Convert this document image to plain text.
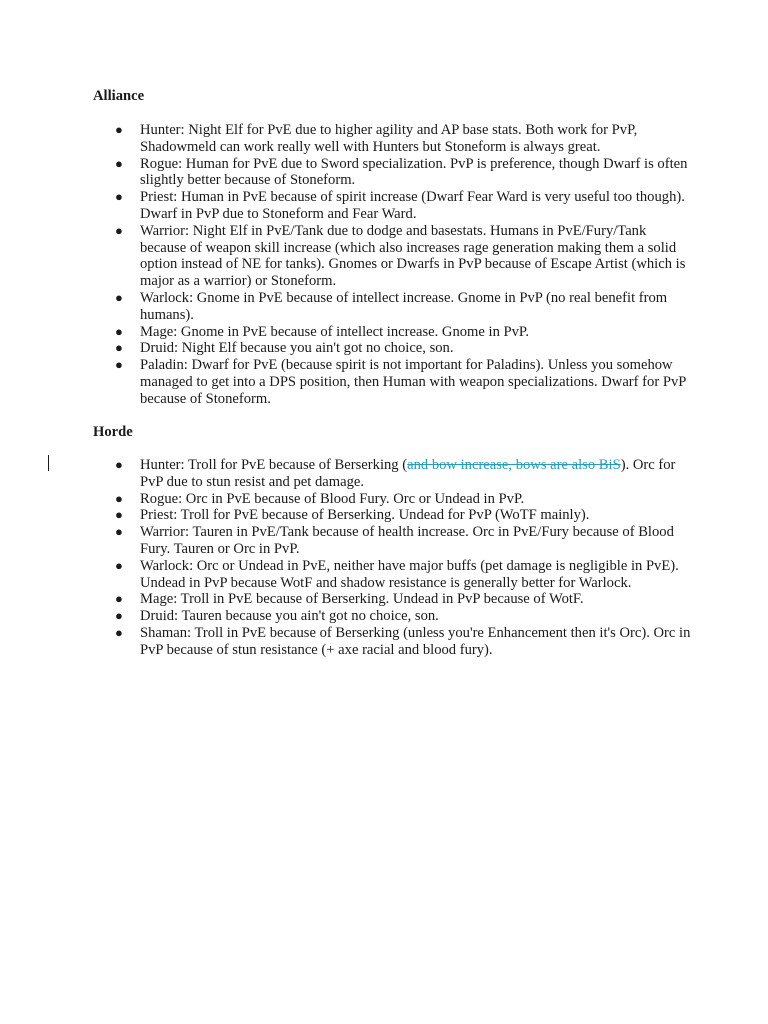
Alliance
● Hunter: Night Elf for PvE due to higher agility and AP base stats. Both work for PvP, Shadowmeld can work really well with Hunters but Stoneform is always great.
● Rogue: Human for PvE due to Sword specialization. PvP is preference, though Dwarf is often slightly better because of Stoneform.
● Priest: Human in PvE because of spirit increase (Dwarf Fear Ward is very useful too though). Dwarf in PvP due to Stoneform and Fear Ward.
● Warrior: Night Elf in PvE/Tank due to dodge and basestats. Humans in PvE/Fury/Tank because of weapon skill increase (which also increases rage generation making them a solid option instead of NE for tanks). Gnomes or Dwarfs in PvP because of Escape Artist (which is major as a warrior) or Stoneform.
● Warlock: Gnome in PvE because of intellect increase. Gnome in PvP (no real benefit from humans).
● Mage: Gnome in PvE because of intellect increase. Gnome in PvP.
● Druid: Night Elf because you ain't got no choice, son.
● Paladin: Dwarf for PvE (because spirit is not important for Paladins). Unless you somehow managed to get into a DPS position, then Human with weapon specializations. Dwarf for PvP because of Stoneform.
Horde
● Hunter: Troll for PvE because of Berserking (and bow increase, bows are also BiS). Orc for PvP due to stun resist and pet damage.
● Rogue: Orc in PvE because of Blood Fury. Orc or Undead in PvP.
● Priest: Troll for PvE because of Berserking. Undead for PvP (WoTF mainly).
● Warrior: Tauren in PvE/Tank because of health increase. Orc in PvE/Fury because of Blood Fury. Tauren or Orc in PvP.
● Warlock: Orc or Undead in PvE, neither have major buffs (pet damage is negligible in PvE). Undead in PvP because WotF and shadow resistance is generally better for Warlock.
● Mage: Troll in PvE because of Berserking. Undead in PvP because of WotF.
● Druid: Tauren because you ain't got no choice, son.
● Shaman: Troll in PvE because of Berserking (unless you're Enhancement then it's Orc). Orc in PvP because of stun resistance (+ axe racial and blood fury).
